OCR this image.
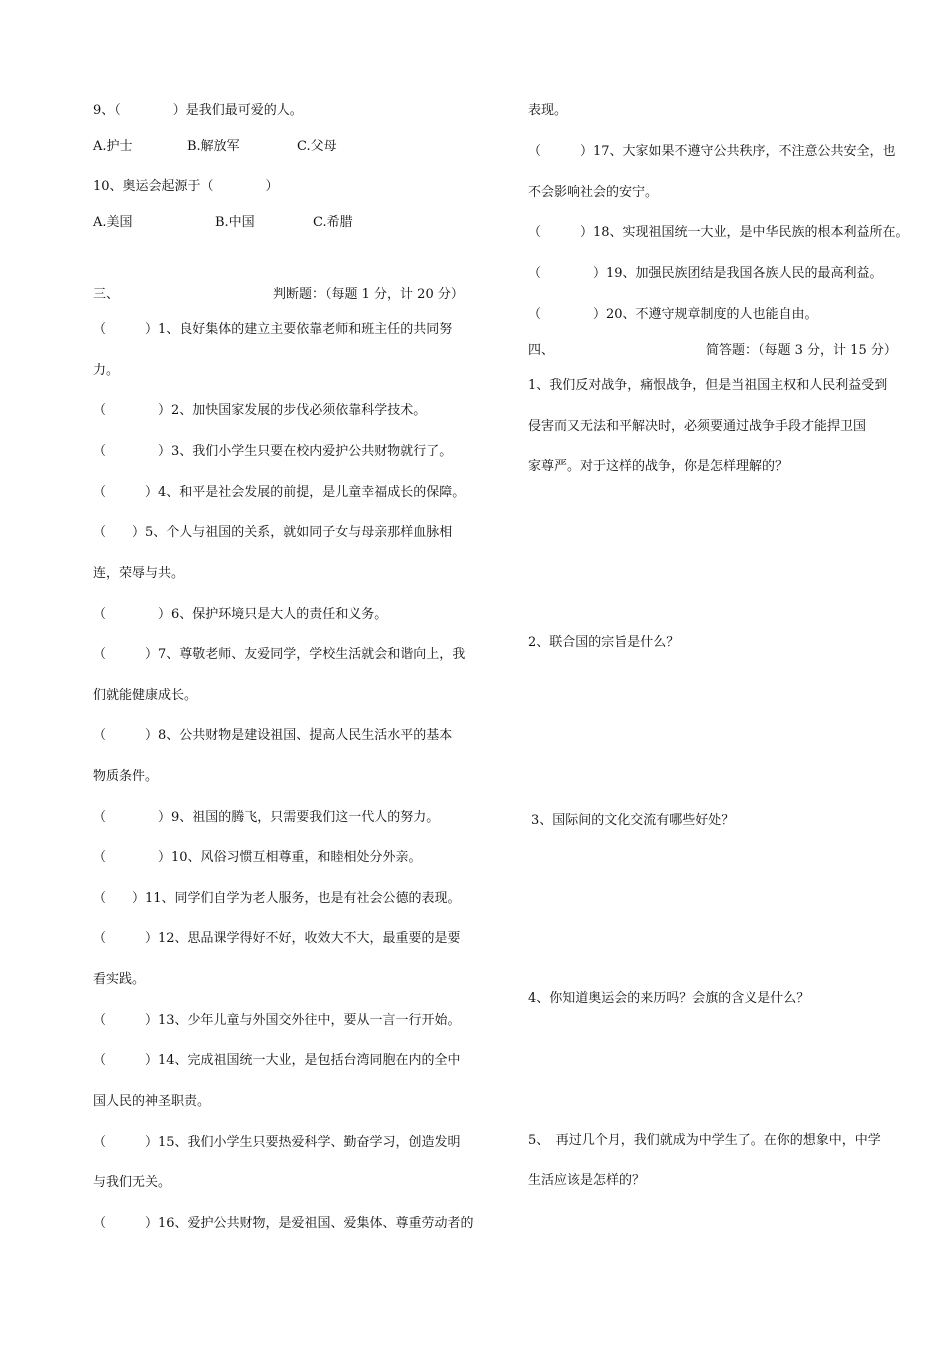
9、（　　　　）是我们最可爱的人。
A.护士	B.解放军	C.父母
10、奥运会起源于（　　　　）
A.美国	B.中国	C.希腊
三、	判断题：（每题 1 分，计 20 分）
（　　　）1、良好集体的建立主要依靠老师和班主任的共同努
力。
（　　　　）2、加快国家发展的步伐必须依靠科学技术。
（　　　　）3、我们小学生只要在校内爱护公共财物就行了。
（　　　）4、和平是社会发展的前提，是儿童幸福成长的保障。
（　　）5、个人与祖国的关系，就如同子女与母亲那样血脉相
连，荣辱与共。
（　　　　）6、保护环境只是大人的责任和义务。
（　　　）7、尊敬老师、友爱同学，学校生活就会和谐向上，我
们就能健康成长。
（　　　）8、公共财物是建设祖国、提高人民生活水平的基本
物质条件。
（　　　　）9、祖国的腾飞，只需要我们这一代人的努力。
（　　　　）10、风俗习惯互相尊重，和睦相处分外亲。
（　　）11、同学们自学为老人服务，也是有社会公德的表现。
（　　　）12、思品课学得好不好，收效大不大，最重要的是要
看实践。
（　　　）13、少年儿童与外国交外往中，要从一言一行开始。
（　　　）14、完成祖国统一大业，是包括台湾同胞在内的全中
国人民的神圣职责。
（　　　）15、我们小学生只要热爱科学、勤奋学习，创造发明
与我们无关。
（　　　）16、爱护公共财物，是爱祖国、爱集体、尊重劳动者的
表现。
（　　　）17、大家如果不遵守公共秩序，不注意公共安全，也
不会影响社会的安宁。
（　　　）18、实现祖国统一大业，是中华民族的根本利益所在。
（　　　　）19、加强民族团结是我国各族人民的最高利益。
（　　　　）20、不遵守规章制度的人也能自由。
四、	简答题：（每题 3 分，计 15 分）
1、我们反对战争，痛恨战争，但是当祖国主权和人民利益受到
侵害而又无法和平解决时，必须要通过战争手段才能捍卫国
家尊严。对于这样的战争，你是怎样理解的？
2、联合国的宗旨是什么？
3、国际间的文化交流有哪些好处？
4、你知道奥运会的来历吗？会旗的含义是什么？
5、　再过几个月，我们就成为中学生了。在你的想象中，中学
生活应该是怎样的？
